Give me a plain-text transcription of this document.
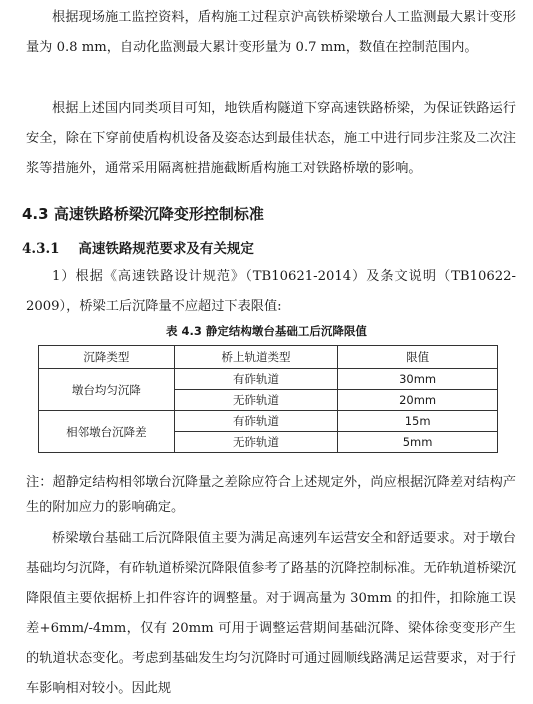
根据现场施工监控资料，盾构施工过程京沪高铁桥梁墩台人工监测最大累计变形量为 0.8 mm，自动化监测最大累计变形量为 0.7 mm，数值在控制范围内。

根据上述国内同类项目可知，地铁盾构隧道下穿高速铁路桥梁，为保证铁路运行安全，除在下穿前使盾构机设备及姿态达到最佳状态，施工中进行同步注浆及二次注浆等措施外，通常采用隔离桩措施截断盾构施工对铁路桥墩的影响。

4.3 高速铁路桥梁沉降变形控制标准
4.3.1 高速铁路规范要求及有关规定

1）根据《高速铁路设计规范》（TB10621-2014）及条文说明（TB10622-2009），桥梁工后沉降量不应超过下表限值:

表 4.3 静定结构墩台基础工后沉降限值

沉降类型	桥上轨道类型	限值
墩台均匀沉降	有砟轨道	30mm
	无砟轨道	20mm
相邻墩台沉降差	有砟轨道	15m
	无砟轨道	5mm

注：超静定结构相邻墩台沉降量之差除应符合上述规定外，尚应根据沉降差对结构产生的附加应力的影响确定。

桥梁墩台基础工后沉降限值主要为满足高速列车运营安全和舒适要求。对于墩台基础均匀沉降，有砟轨道桥梁沉降限值参考了路基的沉降控制标准。无砟轨道桥梁沉降限值主要依据桥上扣件容许的调整量。对于调高量为 30mm 的扣件，扣除施工误差+6mm/-4mm，仅有 20mm 可用于调整运营期间基础沉降、梁体徐变变形产生的轨道状态变化。考虑到基础发生均匀沉降时可通过圆顺线路满足运营要求，对于行车影响相对较小。因此规
